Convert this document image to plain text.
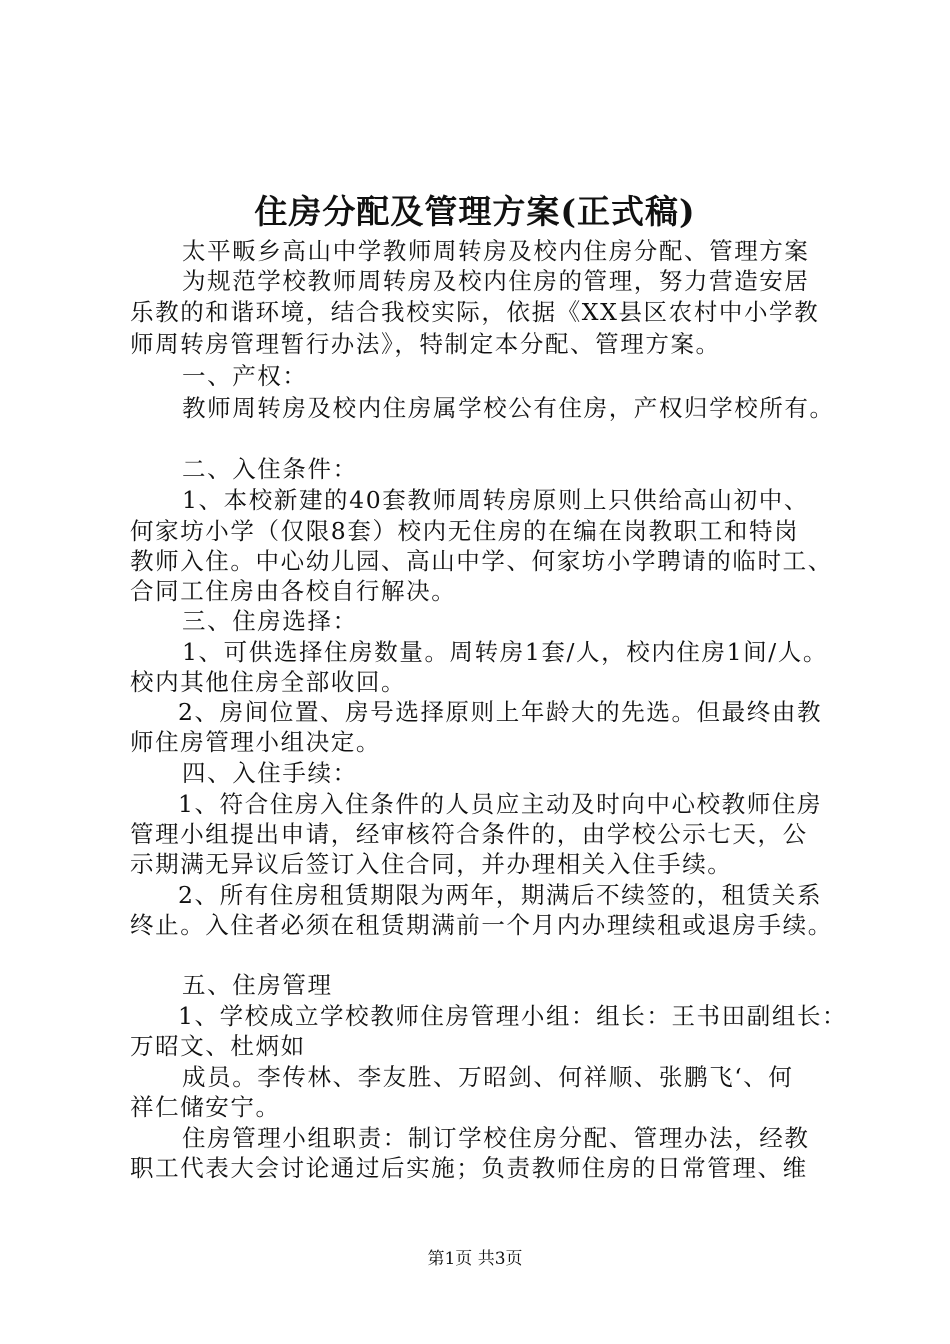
住房分配及管理方案(正式稿)
太平畈乡高山中学教师周转房及校内住房分配、管理方案
为规范学校教师周转房及校内住房的管理，努力营造安居
乐教的和谐环境，结合我校实际，依据《XX县区农村中小学教
师周转房管理暂行办法》，特制定本分配、管理方案。
一、产权：
教师周转房及校内住房属学校公有住房，产权归学校所有。
二、入住条件：
1、本校新建的40套教师周转房原则上只供给高山初中、
何家坊小学（仅限8套）校内无住房的在编在岗教职工和特岗
教师入住。中心幼儿园、高山中学、何家坊小学聘请的临时工、
合同工住房由各校自行解决。
三、住房选择：
1、可供选择住房数量。周转房1套/人，校内住房1间/人。
校内其他住房全部收回。
2、房间位置、房号选择原则上年龄大的先选。但最终由教
师住房管理小组决定。
四、入住手续：
1、符合住房入住条件的人员应主动及时向中心校教师住房
管理小组提出申请，经审核符合条件的，由学校公示七天，公
示期满无异议后签订入住合同，并办理相关入住手续。
2、所有住房租赁期限为两年，期满后不续签的，租赁关系
终止。入住者必须在租赁期满前一个月内办理续租或退房手续。
五、住房管理
1、学校成立学校教师住房管理小组：组长：王书田副组长：
万昭文、杜炳如
成员。李传林、李友胜、万昭剑、何祥顺、张鹏飞‘、何
祥仁储安宁。
住房管理小组职责：制订学校住房分配、管理办法，经教
职工代表大会讨论通过后实施；负责教师住房的日常管理、维
第1页 共3页
